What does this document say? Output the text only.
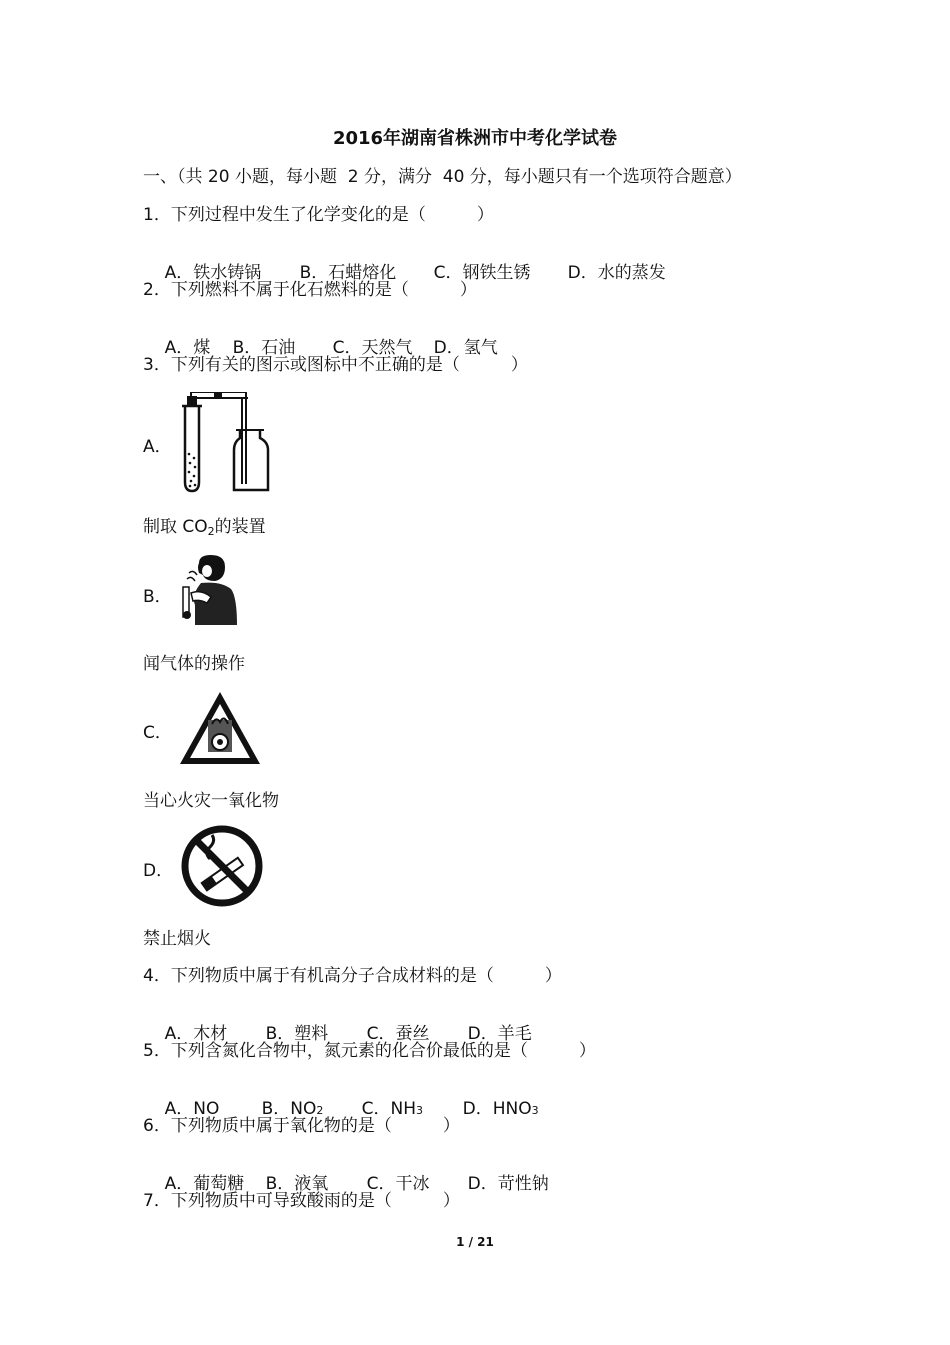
2016年湖南省株洲市中考化学试卷
一、（共 20 小题，每小题  2 分，满分  40 分，每小题只有一个选项符合题意）
1．下列过程中发生了化学变化的是（　　　）

A．铁水铸锅 B．石蜡熔化 C．钢铁生锈 D．水的蒸发

2．下列燃料不属于化石燃料的是（　　　）

A．煤 B．石油 C．天然气 D．氢气

3．下列有关的图示或图标中不正确的是（　　　）
A．
制取 $CO_2$的装置
B．
闻气体的操作
C．
当心火灾一氧化物
D．
禁止烟火
4．下列物质中属于有机高分子合成材料的是（　　　）

A．木材 B．塑料 C．蚕丝 D．羊毛

5．下列含氮化合物中，氮元素的化合价最低的是（　　　）

A．NO B．NO2 C．NH3 D．HNO3

6．下列物质中属于氧化物的是（　　　）

A．葡萄糖 B．液氧 C．干冰 D．苛性钠

7．下列物质中可导致酸雨的是（　　　）
1 / 21
